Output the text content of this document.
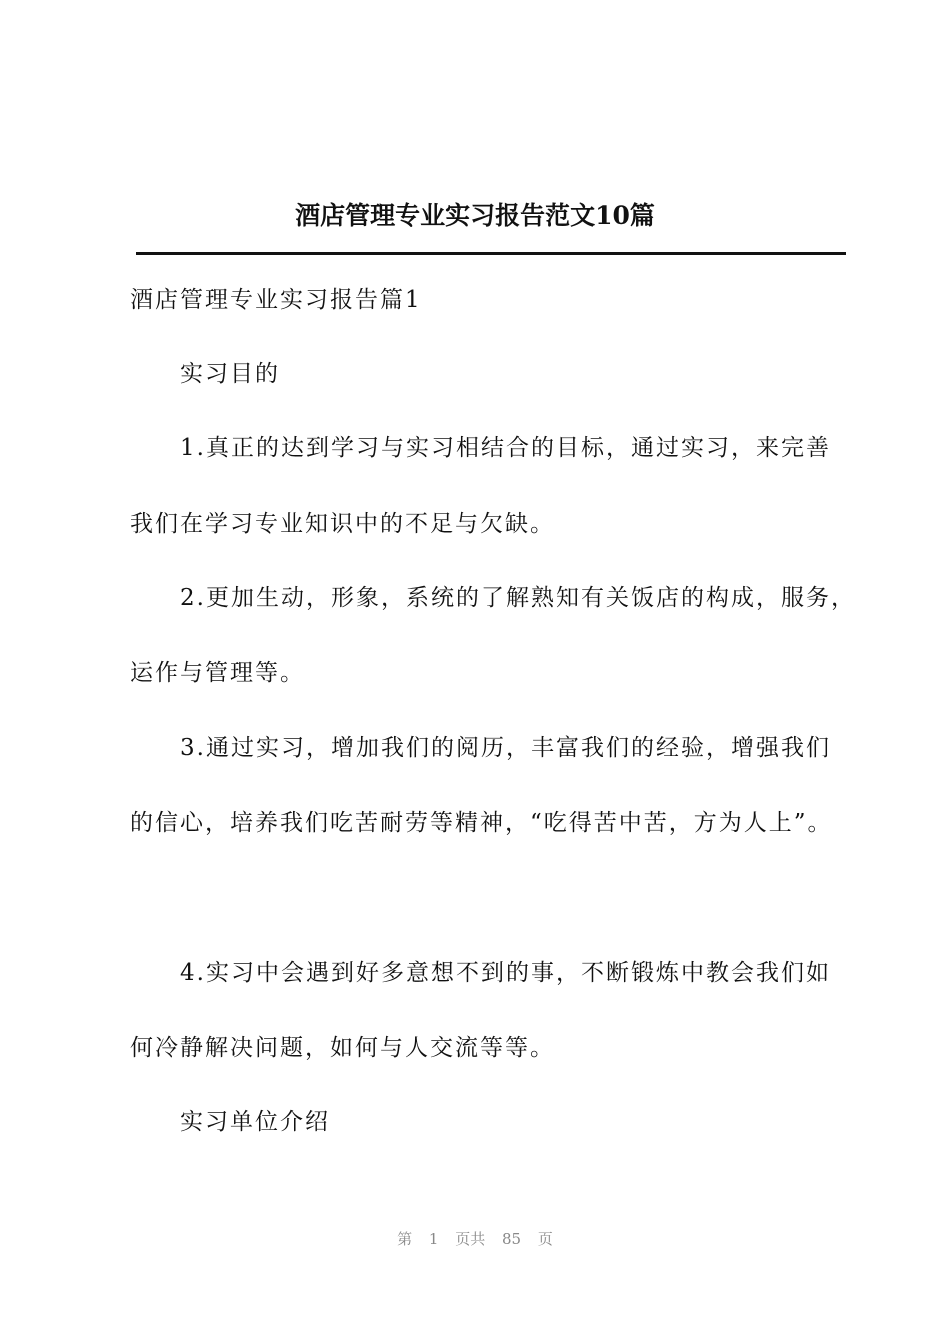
酒店管理专业实习报告范文10篇
酒店管理专业实习报告篇1
实习目的
1.真正的达到学习与实习相结合的目标，通过实习，来完善
我们在学习专业知识中的不足与欠缺。
2.更加生动，形象，系统的了解熟知有关饭店的构成，服务，
运作与管理等。
3.通过实习，增加我们的阅历，丰富我们的经验，增强我们
的信心，培养我们吃苦耐劳等精神，“吃得苦中苦，方为人上”。
4.实习中会遇到好多意想不到的事，不断锻炼中教会我们如
何冷静解决问题，如何与人交流等等。
实习单位介绍
第 1 页共 85 页
